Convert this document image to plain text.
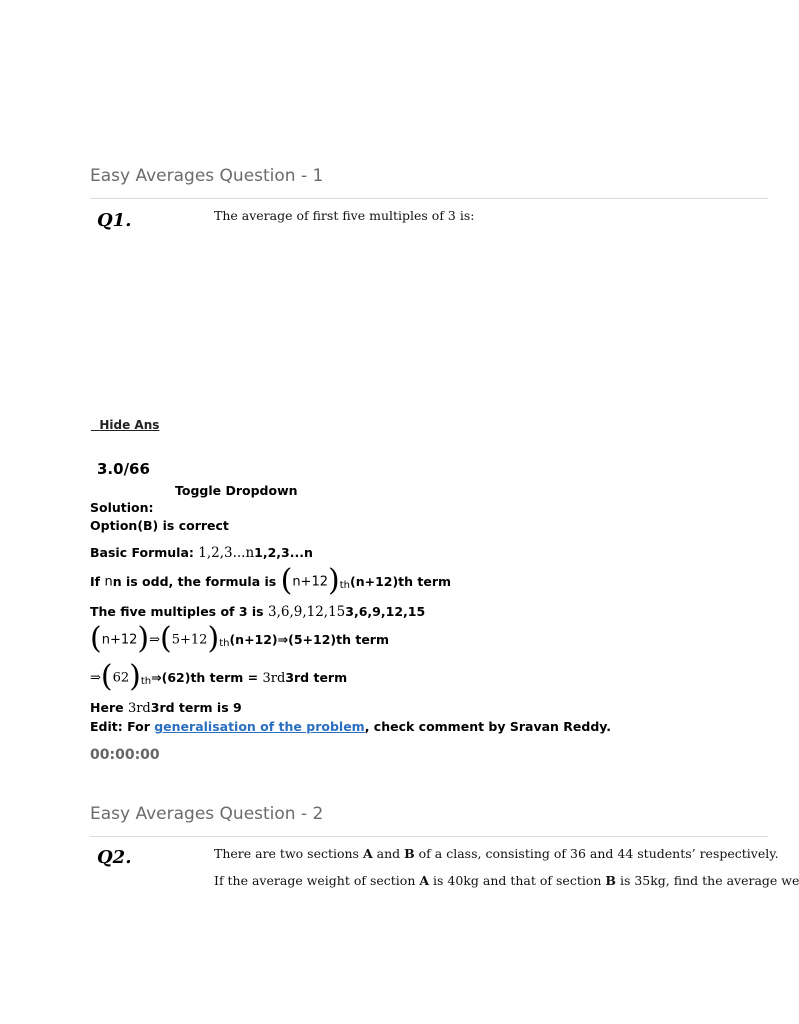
Easy Averages Question - 1
Q1.	The average of first five multiples of 3 is:
Hide Ans
3.0/66
Toggle Dropdown
Solution:
Option(B) is correct
Basic Formula: 1,2,3...n1,2,3...n
If nn is odd, the formula is (n+12)th(n+12)th term
The five multiples of 3 is 3,6,9,12,153,6,9,12,15
(n+12)⇒(5+12)th(n+12)⇒(5+12)th term
⇒(62)th⇒(62)th term = 3rd3rd term
Here 3rd3rd term is 9
Edit: For generalisation of the problem, check comment by Sravan Reddy.
00:00:00
Easy Averages Question - 2
Q2.	There are two sections A and B of a class, consisting of 36 and 44 students’ respectively.
If the average weight of section A is 40kg and that of section B is 35kg, find the average we
